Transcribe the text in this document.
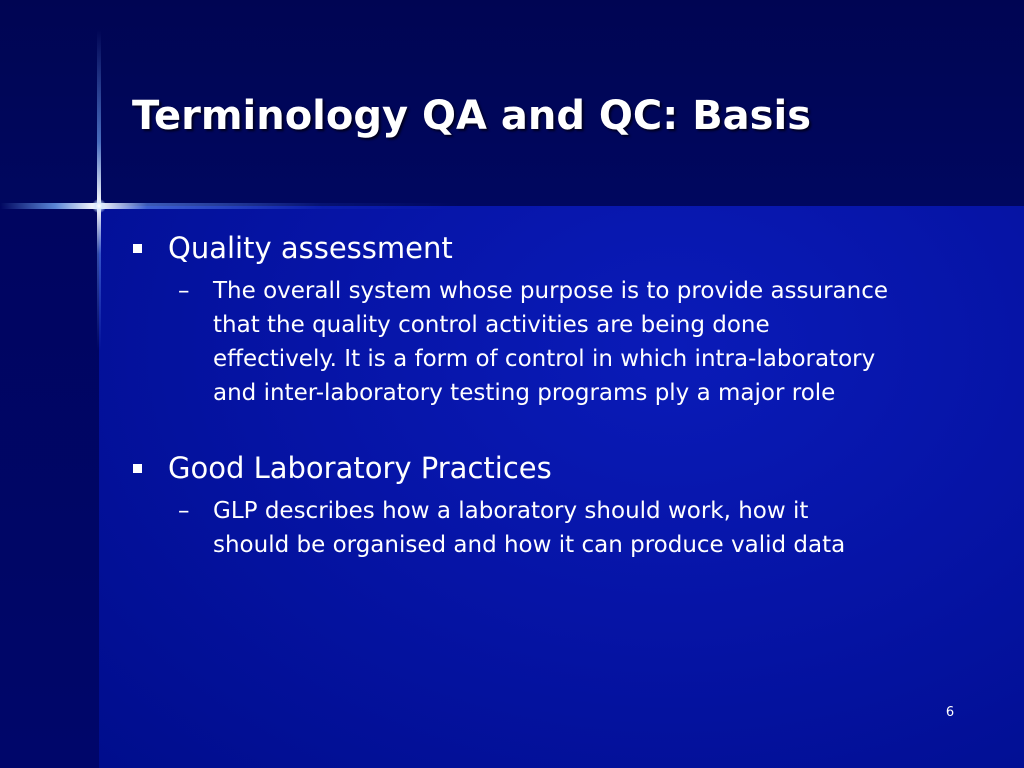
Terminology QA and QC: Basis
Quality assessment
– The overall system whose purpose is to provide assurance
that the quality control activities are being done
effectively. It is a form of control in which intra-laboratory
and inter-laboratory testing programs ply a major role
Good Laboratory Practices
– GLP describes how a laboratory should work, how it
should be organised and how it can produce valid data
6
